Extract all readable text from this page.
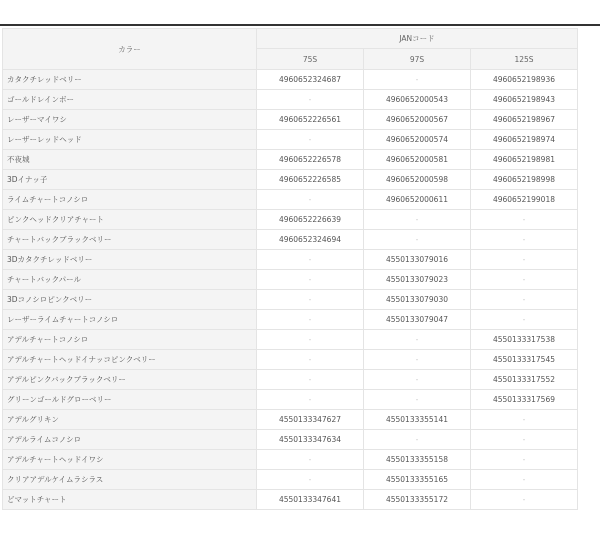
カラー	JANコード		
	75S	97S	125S
カタクチレッドベリー	4960652324687	-	4960652198936
ゴールドレインボー	-	4960652000543	4960652198943
レーザーマイワシ	4960652226561	4960652000567	4960652198967
レーザーレッドヘッド	-	4960652000574	4960652198974
不夜城	4960652226578	4960652000581	4960652198981
3Dイナッ子	4960652226585	4960652000598	4960652198998
ライムチャートコノシロ	-	4960652000611	4960652199018
ピンクヘッドクリアチャート	4960652226639	-	-
チャートバックブラックベリー	4960652324694	-	-
3Dカタクチレッドベリー	-	4550133079016	-
チャートバックパール	-	4550133079023	-
3Dコノシロピンクベリー	-	4550133079030	-
レーザーライムチャートコノシロ	-	4550133079047	-
アデルチャートコノシロ	-	-	4550133317538
アデルチャートヘッドイナッコピンクベリー	-	-	4550133317545
アデルピンクバックブラックベリー	-	-	4550133317552
グリーンゴールドグローベリー	-	-	4550133317569
アデルグリキン	4550133347627	4550133355141	-
アデルライムコノシロ	4550133347634	-	-
アデルチャートヘッドイワシ	-	4550133355158	-
クリアアデルケイムラシラス	-	4550133355165	-
どマットチャート	4550133347641	4550133355172	-
